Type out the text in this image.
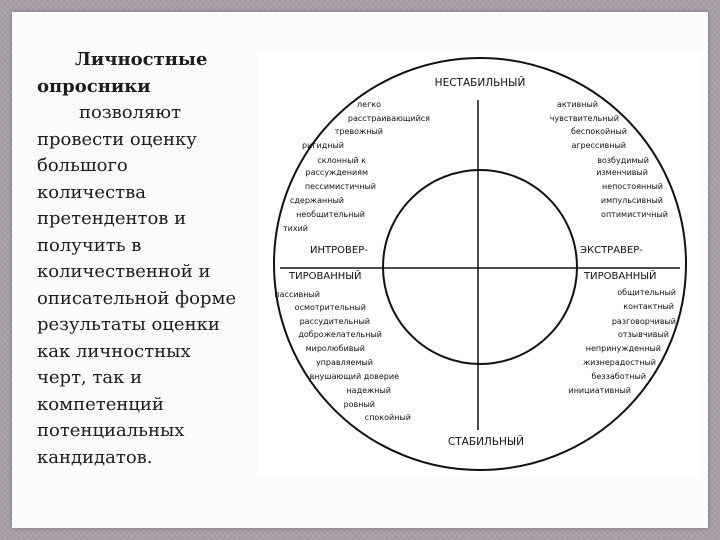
Личностные
опросники
позволяют
провести оценку
большого
количества
претендентов и
получить в
количественной и
описательной форме
результаты оценки
как личностных
черт, так и
компетенций
потенциальных
кандидатов.
НЕСТАБИЛЬНЫЙ
СТАБИЛЬНЫЙ
ИНТРОВЕР-
ТИРОВАННЫЙ
ЭКСТРАВЕР-
ТИРОВАННЫЙ
легко
расстраивающийся
тревожный
ригидный
склонный к
рассуждениям
пессимистичный
сдержанный
необщительный
тихий
активный
чувствительный
беспокойный
агрессивный
возбудимый
изменчивый
непостоянный
импульсивный
оптимистичный
пассивный
осмотрительный
рассудительный
доброжелательный
миролюбивый
управляемый
внушающий доверие
надежный
ровный
спокойный
общительный
контактный
разговорчивый
отзывчивый
непринужденный
жизнерадостный
беззаботный
инициативный
